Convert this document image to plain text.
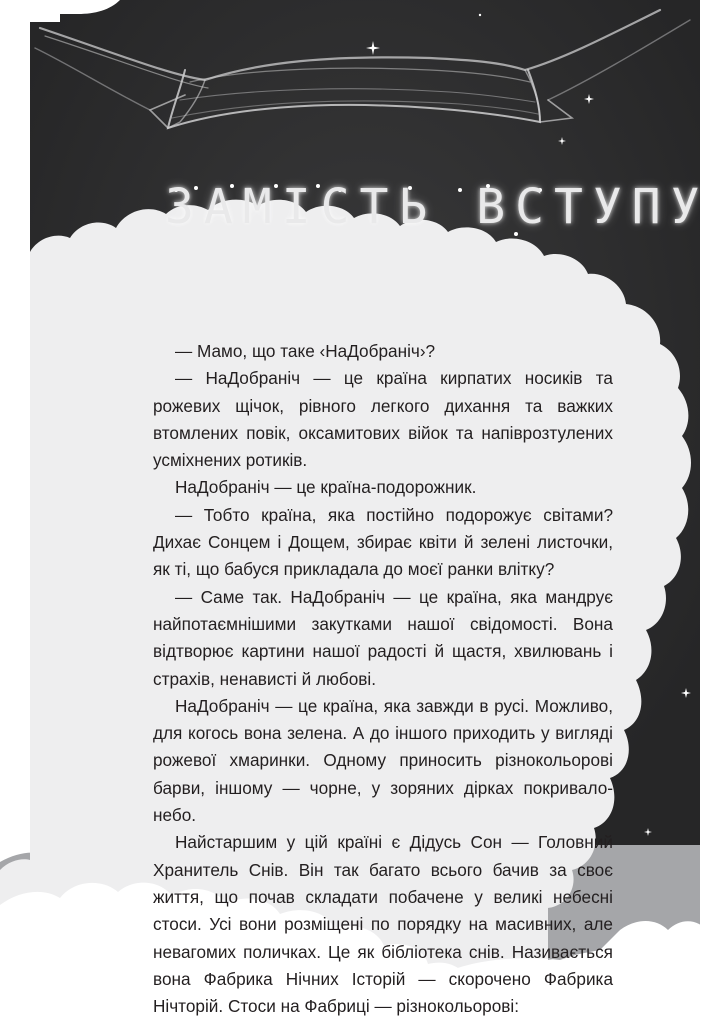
ЗАМІСТЬ ВСТУПУ

— Мамо, що таке ‹НаДобраніч›?

— НаДобраніч — це країна кирпатих носиків та рожевих щічок, рівного легкого дихання та важких втомлених повік, оксамитових війок та напіврозтулених усміхнених ротиків.

НаДобраніч — це країна-подорожник.

— Тобто країна, яка постійно подорожує світами? Дихає Сонцем і Дощем, збирає квіти й зелені листочки, як ті, що бабуся прикладала до моєї ранки влітку?

— Саме так. НаДобраніч — це країна, яка мандрує найпотаємнішими закутками нашої свідомості. Вона відтворює картини нашої радості й щастя, хвилювань і страхів, ненависті й любові.

НаДобраніч — це країна, яка завжди в русі. Можливо, для когось вона зелена. А до іншого приходить у вигляді рожевої хмаринки. Одному приносить різнокольорові барви, іншому — чорне, у зоряних дірках покривало-небо.

Найстаршим у цій країні є Дідусь Сон — Головний Хранитель Снів. Він так багато всього бачив за своє життя, що почав складати побачене у великі небесні стоси. Усі вони розміщені по порядку на масивних, але невагомих поличках. Це як бібліотека снів. Називається вона Фабрика Нічних Історій — скорочено Фабрика Нічторій. Стоси на Фабриці — різнокольорові:
